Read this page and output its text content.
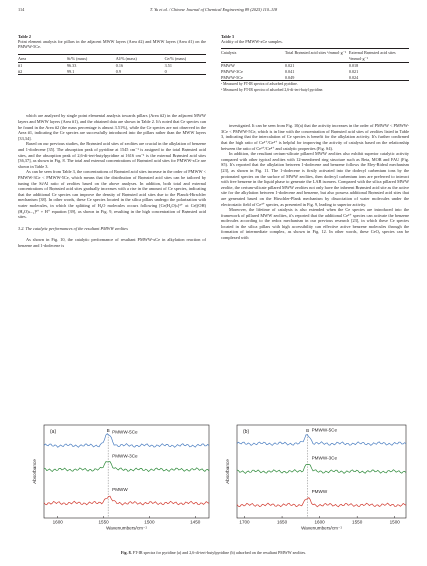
114	T. Yu et al. / Chinese Journal of Chemical Engineering 89 (2025) 110–118
Table 2
Point element analysis for pillars in the adjacent MWW layers (Area #2) and MWW layers (Area #1) on the PMWW-5Ce.
Area	Si/% (mass)	Al/% (mass)	Ce/% (mass)
#1	96.33	0.16	3.51
#2	99.1	0.9	0

which are analyzed by single point elemental analysis towards pillars (Area #2) in the adjacent MWW layers and MWW layers (Area #1), and the obtained data are shown in Table 2. It's noted that Ce species can be found in the Area #2 (the mass percentage is almost 3.51%), while the Ce species are not observed in the Area #1, indicating the Ce species are successfully introduced into the pillars rather than the MWW layers [33,34].

Based on our previous studies, the Brønsted acid sites of zeolites are crucial in the alkylation of benzene and 1-dodecene [35]. The absorption peak of pyridine at 1545 cm⁻¹ is assigned to the total Brønsted acid sites, and the absorption peak of 2,6-di-tert-butylpyridine at 1616 cm⁻¹ is the external Brønsted acid sites [36,37], as shown in Fig. 8. The total and external concentrations of Brønsted acid sites for PMWW-xCe are shown in Table 3.

As can be seen from Table 3, the concentrations of Brønsted acid sites increase in the order of PMWW < PMWW-3Ce < PMWW-5Ce, which means that the distribution of Brønsted acid sites can be tailored by tuning the Si/Al ratio of zeolites based on the above analyses. In addition, both total and external concentrations of Brønsted acid sites gradually increases with a rise in the amount of Ce species, indicating that the additional Ce species can improve the density of Brønsted acid sites due to the Planck-Hirschler mechanism [38]. In other words, these Ce species located in the silica pillars undergo the polarization with water molecules, in which the splitting of H₂O molecules occurs following [Ce(H₂O)ₙ]³⁺ ⇌ Ce[(OH)(H₂O)ₙ₋₁]²⁺ + H⁺ equation [39], as shown in Fig. 9, resulting in the high concentration of Brønsted acid sites.

3.2. The catalytic performances of the resultant PMWW zeolites

As shown in Fig. 10, the catalytic performance of resultant PMWW-xCe in alkylation reaction of benzene and 1-dodecene is

Table 3
Acidity of the PMWW-xCe samples.
Catalysts	Total Brønsted acid sites ᵃ/mmol·g⁻¹	External Brønsted acid sites ᵇ/mmol·g⁻¹
PMWW	0.021	0.018
PMWW-3Ce	0.041	0.021
PMWW-5Ce	0.049	0.024
ᵃ Measured by FT-IR spectra of adsorbed pyridine.
ᵇ Measured by FT-IR spectra of adsorbed 2,6-di-tert-butyl pyridine.

investigated. It can be seen from Fig. 10(a) that the activity increases in the order of PMWW < PMWW-3Ce < PMWW-5Ce, which is in line with the concentration of Brønsted acid sites of zeolites listed in Table 3, indicating that the intercalation of Ce species is benefit for the alkylation activity. It's further confirmed that the high ratio of Ce³⁺/Ce⁴⁺ is helpful for improving the activity of catalysts based on the relationship between the ratio of Ce³⁺/Ce⁴⁺ and catalytic properties (Fig. S4).

In addition, the resultant cerium-silicate pillared MWW zeolites also exhibit superior catalytic activity compared with other typical zeolites with 12-membered ring structure such as Beta, MOR and FAU (Fig. S5). It's reported that the alkylation between 1-dodecene and benzene follows the Eley-Rideal mechanism [23], as shown in Fig. 11. The 1-dodecene is firstly activated into the dodecyl carbenium ions by the protonated species on the surface of MWW zeolites, then dodecyl carbenium ions are preferred to interact with free benzene in the liquid phase to generate the LAB isomers. Compared with the silica pillared MWW zeolite, the cerium-silicate pillared MWW zeolites not only have the inherent Brønsted acid site as the active site for the alkylation between 1-dodecene and benzene, but also possess additional Brønsted acid sites that are generated based on the Hirschler-Plank mechanism by dissociation of water molecules under the electrostatic field of Ce³⁺ species, as presented in Fig. 9, leading to superior activity.

Moreover, the lifetime of catalysts is also extended when the Ce species are introduced into the framework of pillared MWW zeolites, it's reported that the additional Ce³⁺ species can activate the benzene molecules according to the redox mechanism in our previous research [23], in which these Ce species located in the silica pillars with high accessibility can effective active benzene molecules through the formation of intermediate complex, as shown in Fig. 12. In other words, these CeOₓ species can be complexed with

1600	1550	1500	1450
Wavenumbers/cm⁻¹
Absorbance
(a)	B PMWW-5Ce
PMWW-3Ce
PMWW
1700	1650	1600	1550	1500
Wavenumbers/cm⁻¹
Absorbance
(b)	B PMWW-5Ce
PMWW-3Ce
PMWW
Fig. 8. FT-IR spectra for pyridine (a) and 2,6-di-tert-butylpyridine (b) adsorbed on the resultant PMWW zeolites.
